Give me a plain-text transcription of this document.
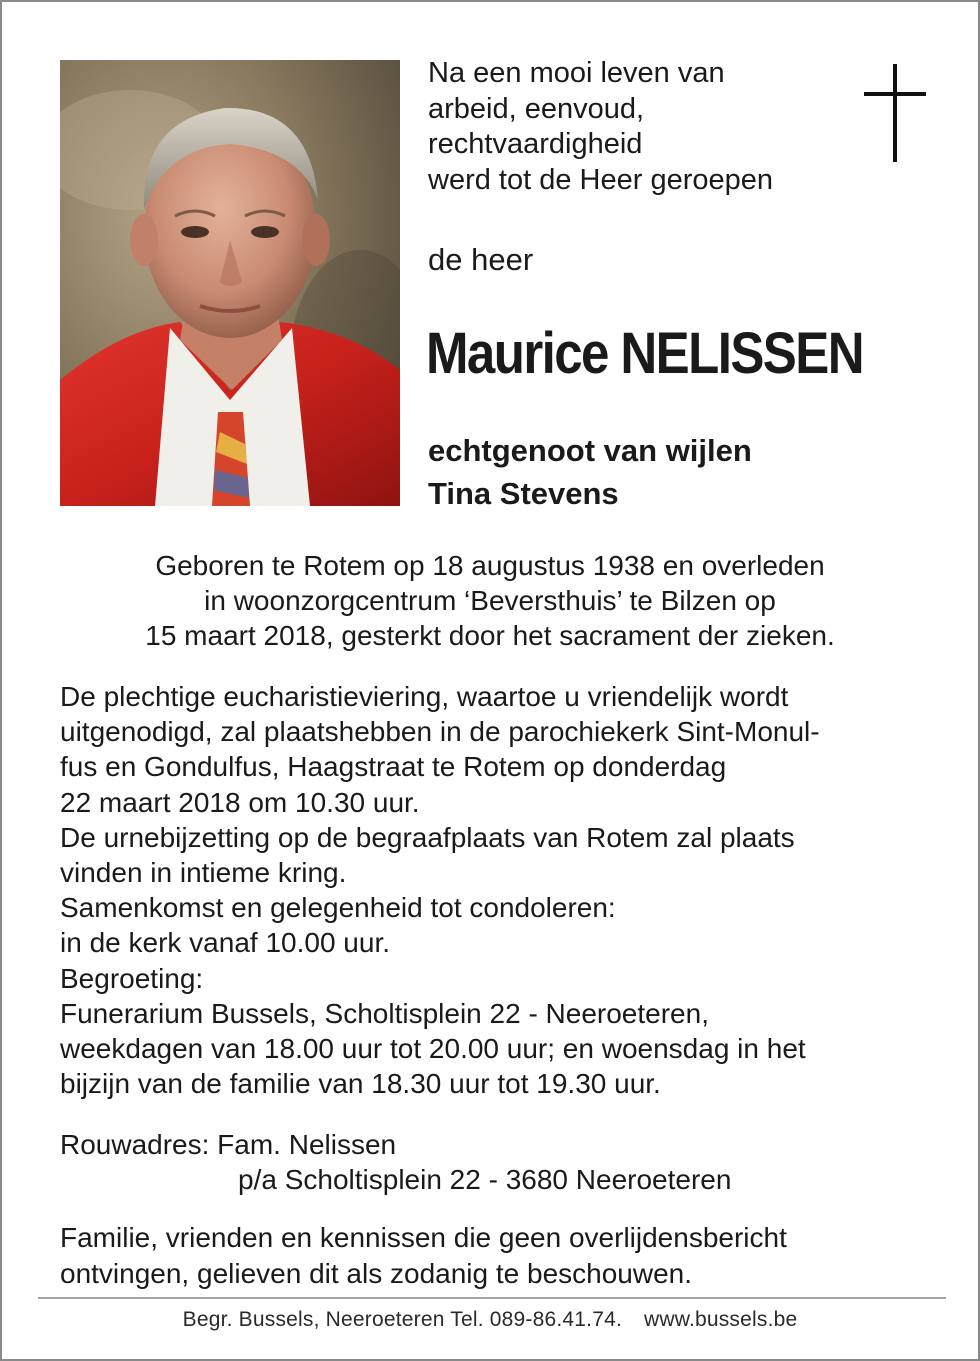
Na een mooi leven van
arbeid, eenvoud,
rechtvaardigheid
werd tot de Heer geroepen
de heer
Maurice NELISSEN
echtgenoot van wijlen
Tina Stevens
Geboren te Rotem op 18 augustus 1938 en overleden
in woonzorgcentrum ‘Beversthuis’ te Bilzen op
15 maart 2018, gesterkt door het sacrament der zieken.
De plechtige eucharistieviering, waartoe u vriendelijk wordt
uitgenodigd, zal plaatshebben in de parochiekerk Sint-Monul-
fus en Gondulfus, Haagstraat te Rotem op donderdag
22 maart 2018 om 10.30 uur.
De urnebijzetting op de begraafplaats van Rotem zal plaats
vinden in intieme kring.
Samenkomst en gelegenheid tot condoleren:
in de kerk vanaf 10.00 uur.
Begroeting:
Funerarium Bussels, Scholtisplein 22 - Neeroeteren,
weekdagen van 18.00 uur tot 20.00 uur; en woensdag in het
bijzijn van de familie van 18.30 uur tot 19.30 uur.
Rouwadres: Fam. Nelissen
p/a Scholtisplein 22 - 3680 Neeroeteren
Familie, vrienden en kennissen die geen overlijdensbericht
ontvingen, gelieven dit als zodanig te beschouwen.
Begr. Bussels, Neeroeteren Tel. 089-86.41.74. www.bussels.be
